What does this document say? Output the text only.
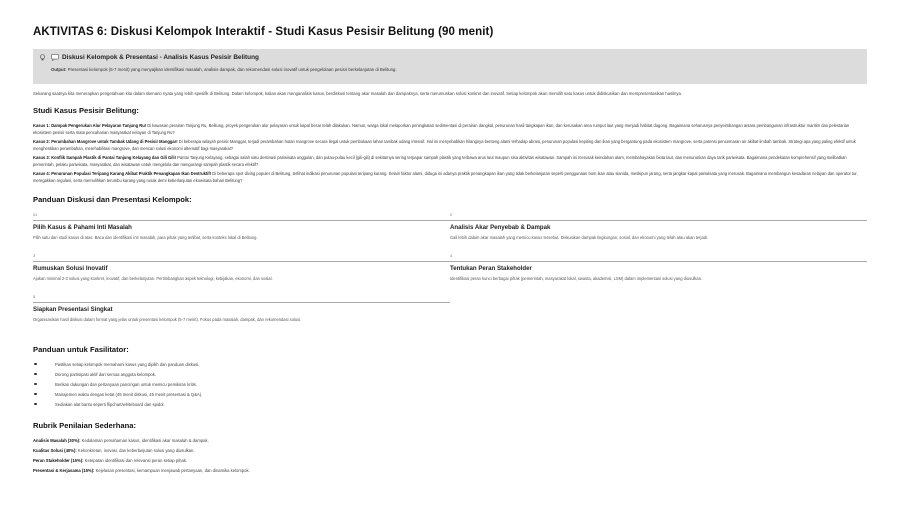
AKTIVITAS 6: Diskusi Kelompok Interaktif - Studi Kasus Pesisir Belitung (90 menit)
Diskusi Kelompok & Presentasi - Analisis Kasus Pesisir Belitung
Output: Presentasi kelompok (5-7 menit) yang menyajikan identifikasi masalah, analisis dampak, dan rekomendasi solusi inovatif untuk pengelolaan pesisir berkelanjutan di Belitung.

Sekarang saatnya kita menerapkan pengetahuan kita dalam skenario nyata yang lebih spesifik di Belitung. Dalam kelompok, kalian akan menganalisis kasus, berdiskusi tentang akar masalah dan dampaknya, serta merumuskan solusi konkret dan inovatif. Setiap kelompok akan memilih satu kasus untuk didiskusikan dan mempresentasikan hasilnya.

Studi Kasus Pesisir Belitung:

Kasus 1: Dampak Pengerukan Alur Pelayaran Tanjung Ru! Di kawasan perairan Tanjung Ru, Belitung, proyek pengerukan alur pelayaran untuk kapal besar telah dilakukan. Namun, warga lokal melaporkan peningkatan sedimentasi di perairan dangkal, penurunan hasil tangkapan ikan, dan kerusakan area rumput laut yang menjadi habitat dugong. Bagaimana seharusnya penyeimbangan antara pembangunan infrastruktur maritim dan pelestarian ekosistem pesisir serta mata pencaharian masyarakat nelayan di Tanjung Ru?

Kasus 2: Perambahan Mangrove untuk Tambak Udang di Pesisir Manggar! Di beberapa wilayah pesisir Manggar, terjadi perambahan hutan mangrove secara ilegal untuk pembukaan lahan tambak udang intensif. Hal ini menyebabkan hilangnya benteng alami terhadap abrasi, penurunan populasi kepiting dan ikan yang bergantung pada ekosistem mangrove, serta potensi pencemaran air akibat limbah tambak. Strategi apa yang paling efektif untuk menghentikan perambahan, merehabilitasi mangrove, dan mencari solusi ekonomi alternatif bagi masyarakat?

Kasus 3: Konflik Sampah Plastik di Pantai Tanjung Kelayang dan Gili Gili! Pantai Tanjung Kelayang, sebagai salah satu destinasi pariwisata unggulan, dan pulau-pulau kecil (gili-gili) di sekitarnya sering terpapar sampah plastik yang terbawa arus laut maupun sisa aktivitas wisatawan. Sampah ini merusak keindahan alam, membahayakan biota laut, dan menurunkan daya tarik pariwisata. Bagaimana pendekatan komprehensif yang melibatkan pemerintah, pelaku pariwisata, masyarakat, dan wisatawan untuk mengelola dan mengurangi sampah plastik secara efektif?

Kasus 4: Penurunan Populasi Teripang Karang Akibat Praktik Penangkapan Ikan Destruktif! Di beberapa spot diving populer di Belitung, terlihat indikasi penurunan populasi teripang karang. Selain faktor alami, diduga ini adanya praktik penangkapan ikan yang tidak berkelanjutan seperti penggunaan bom ikan atau sianida, meskipun jarang, serta jangkar kapal pariwisata yang merusak. Bagaimana membangun kesadaran nelayan dan operator tur, meregakkan regulasi, serta memulihkan terumbu karang yang rusak demi keberlanjutan ekowisata bahari Belitung?

Panduan Diskusi dan Presentasi Kelompok:
01
Pilih Kasus & Pahami Inti Masalah
Pilih satu dari studi kasus di atas. Baca dan identifikasi inti masalah, para pihak yang terlibat, serta konteks lokal di Belitung.
2
Analisis Akar Penyebab & Dampak
Gali lebih dalam akar masalah yang memicu kasus tersebut. Diskusikan dampak lingkungan, sosial, dan ekonomi yang telah atau akan terjadi.
3
Rumuskan Solusi Inovatif
Ajukan minimal 2-3 solusi yang konkret, inovatif, dan berkelanjutan. Pertimbangkan aspek teknologi, kebijakan, ekonomi, dan sosial.
4
Tentukan Peran Stakeholder
Identifikasi peran kunci berbagai pihak (pemerintah, masyarakat lokal, swasta, akademisi, LSM) dalam implementasi solusi yang diusulkan.
5
Siapkan Presentasi Singkat
Organisasikan hasil diskusi dalam format yang jelas untuk presentasi kelompok (5-7 menit). Fokus pada masalah, dampak, dan rekomendasi solusi.
Panduan untuk Fasilitator:
Pastikan setiap kelompok memahami kasus yang dipilih dan panduan diskusi.
Dorong partisipasi aktif dari semua anggota kelompok.
Berikan dukungan dan pertanyaan pancingan untuk memicu pemikiran kritis.
Manajemen waktu dengan ketat (45 menit diskusi, 45 menit presentasi & Q&A).
Sediakan alat bantu seperti flipchart/whiteboard dan spidol.
Rubrik Penilaian Sederhana:
Analisis Masalah (30%): Kedalaman pemahaman kasus, identifikasi akar masalah & dampak.
Kualitas Solusi (40%): Kekonkretan, inovasi, dan keberlanjutan solusi yang diusulkan.
Peran Stakeholder (15%): Ketepatan identifikasi dan relevansi peran setiap pihak.
Presentasi & Kerjasama (15%): Kejelasan presentasi, kemampuan menjawab pertanyaan, dan dinamika kelompok.
